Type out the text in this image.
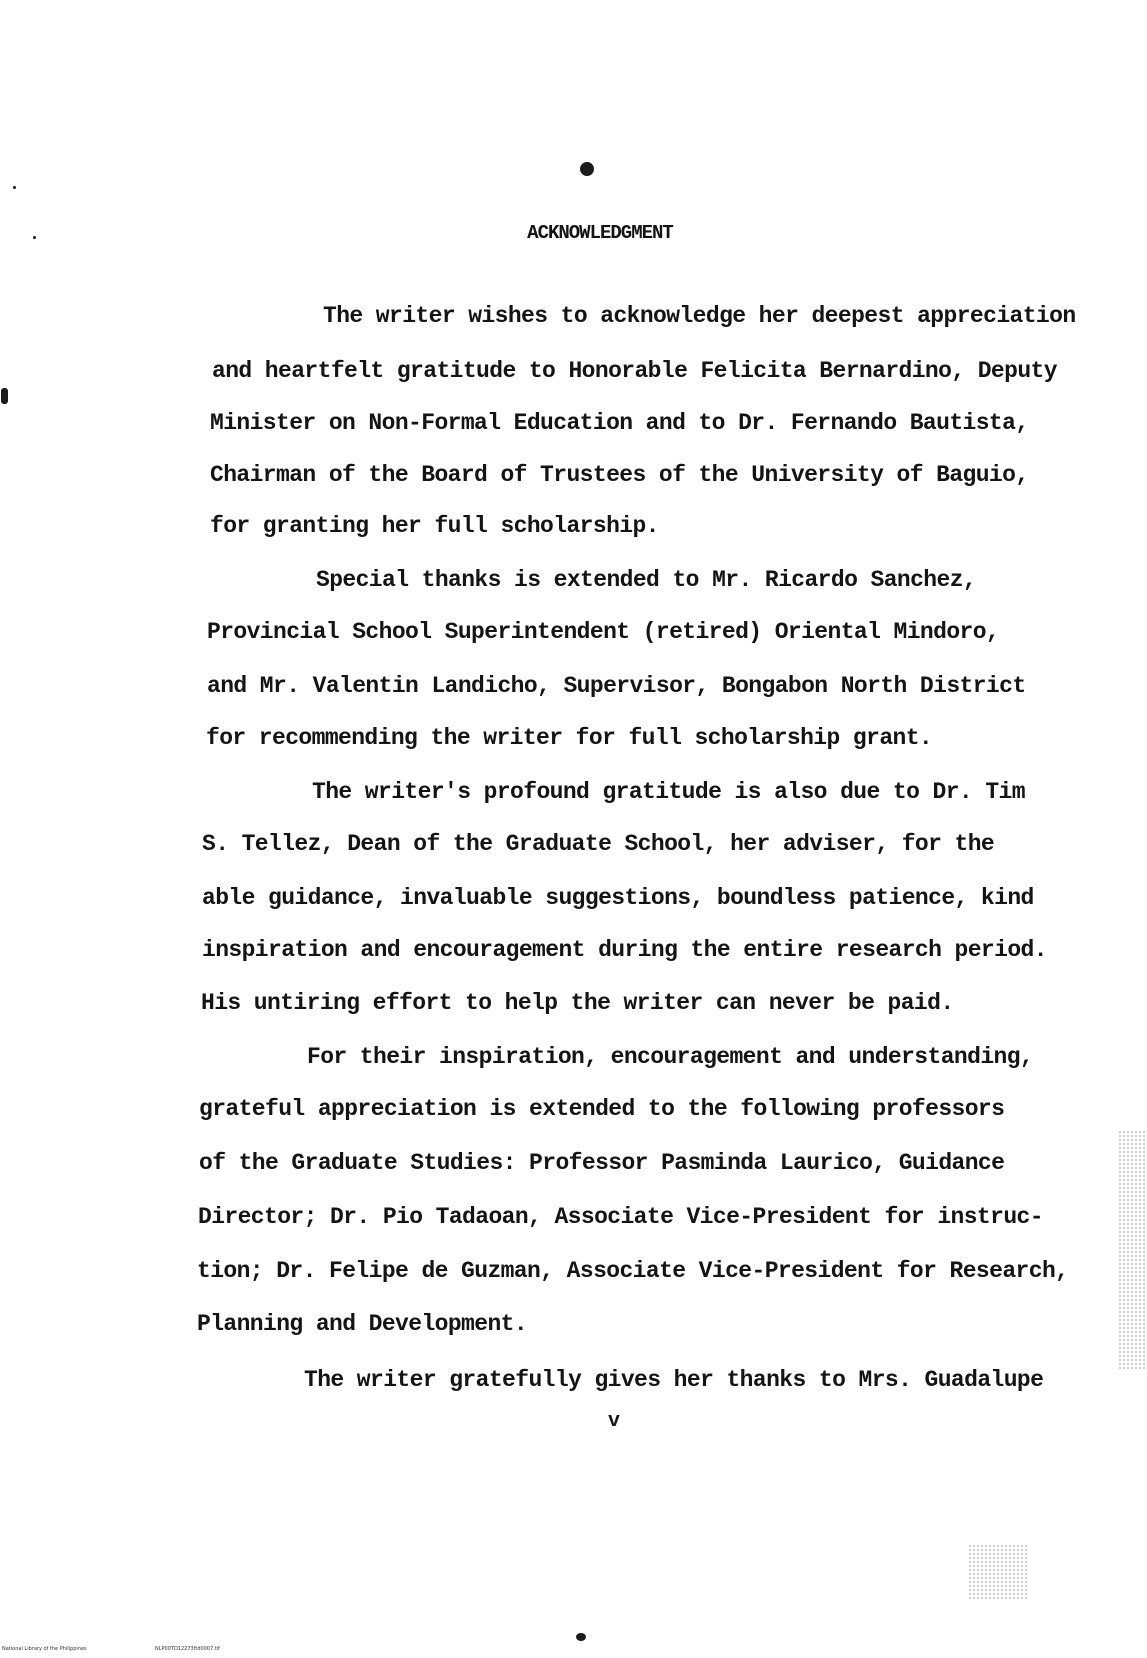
ACKNOWLEDGMENT
The writer wishes to acknowledge her deepest appreciation
and heartfelt gratitude to Honorable Felicita Bernardino, Deputy
Minister on Non-Formal Education and to Dr. Fernando Bautista,
Chairman of the Board of Trustees of the University of Baguio,
for granting her full scholarship.
Special thanks is extended to Mr. Ricardo Sanchez,
Provincial School Superintendent (retired) Oriental Mindoro,
and Mr. Valentin Landicho, Supervisor, Bongabon North District
for recommending the writer for full scholarship grant.
The writer's profound gratitude is also due to Dr. Tim
S. Tellez, Dean of the Graduate School, her adviser, for the
able guidance, invaluable suggestions, boundless patience, kind
inspiration and encouragement during the entire research period.
His untiring effort to help the writer can never be paid.
For their inspiration, encouragement and understanding,
grateful appreciation is extended to the following professors
of the Graduate Studies: Professor Pasminda Laurico, Guidance
Director; Dr. Pio Tadaoan, Associate Vice-President for instruc-
tion; Dr. Felipe de Guzman, Associate Vice-President for Research,
Planning and Development.
The writer gratefully gives her thanks to Mrs. Guadalupe
v
National Library of the Philippines	NLP00TD12273ftd0007.tif
